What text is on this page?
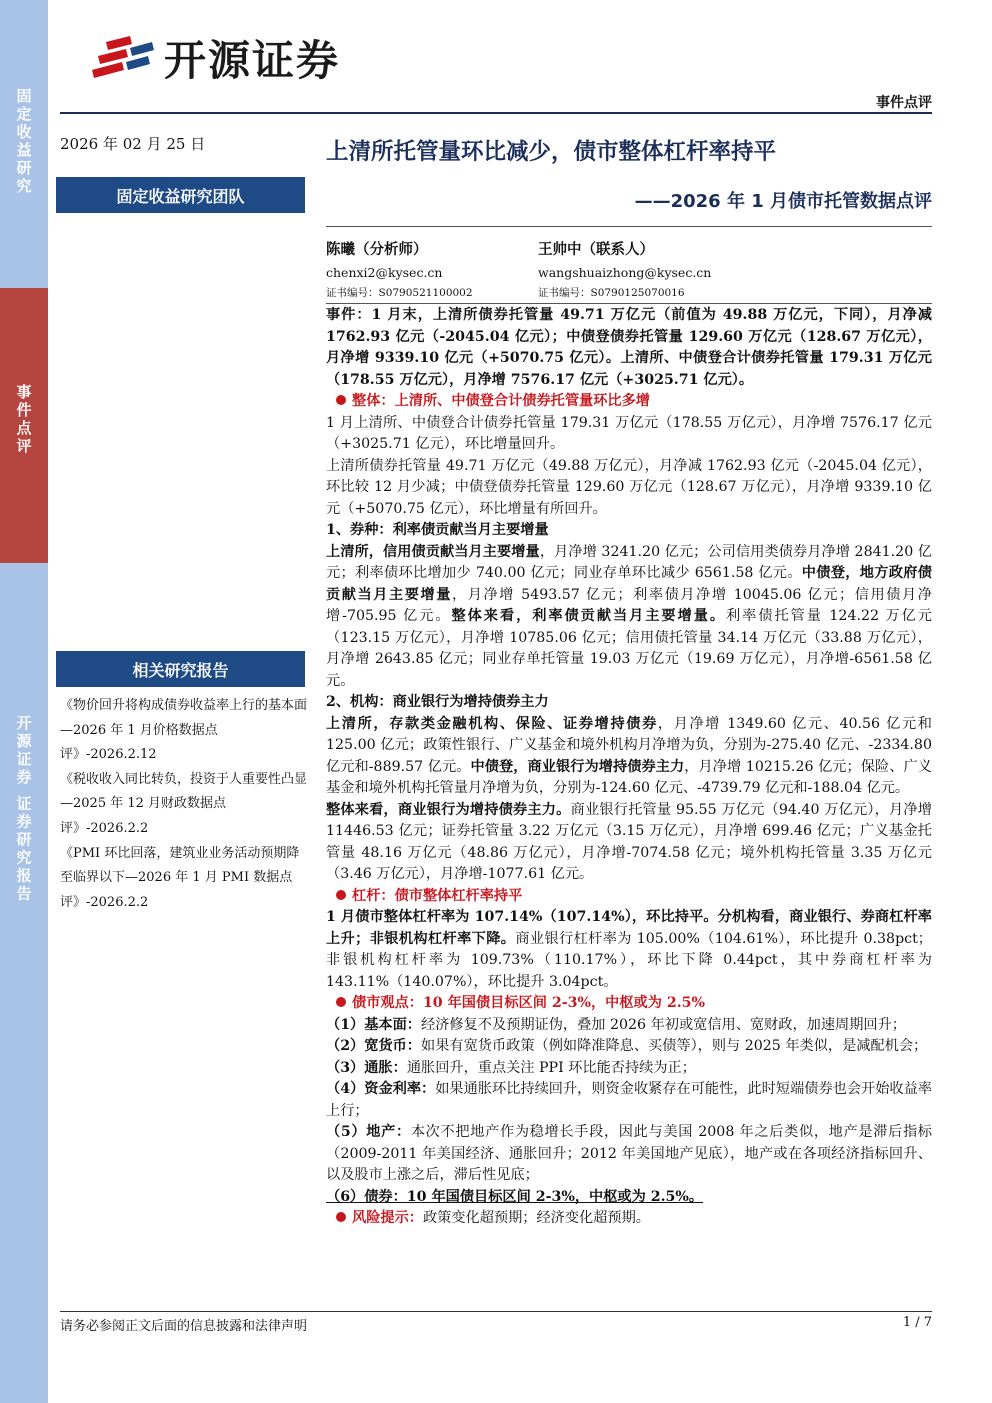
固定收益研究
事件点评
开源证券 证券研究报告
开源证券
事件点评
2026 年 02 月 25 日
固定收益研究团队
上清所托管量环比减少，债市整体杠杆率持平
——2026 年 1 月债市托管数据点评
陈曦（分析师）
chenxi2@kysec.cn
证书编号：S0790521100002
王帅中（联系人）
wangshuaizhong@kysec.cn
证书编号：S0790125070016
相关研究报告

《物价回升将构成债券收益率上行的基本面—2026 年 1 月价格数据点评》-2026.2.12

《税收收入同比转负，投资于人重要性凸显—2025 年 12 月财政数据点评》-2026.2.2

《PMI 环比回落，建筑业业务活动预期降至临界以下—2026 年 1 月 PMI 数据点评》-2026.2.2

事件：1 月末，上清所债券托管量 49.71 万亿元（前值为 49.88 万亿元，下同），月净减 1762.93 亿元（-2045.04 亿元）；中债登债券托管量 129.60 万亿元（128.67 万亿元），月净增 9339.10 亿元（+5070.75 亿元）。上清所、中债登合计债券托管量 179.31 万亿元（178.55 万亿元），月净增 7576.17 亿元（+3025.71 亿元）。

整体：上清所、中债登合计债券托管量环比多增

1 月上清所、中债登合计债券托管量 179.31 万亿元（178.55 万亿元），月净增 7576.17 亿元（+3025.71 亿元），环比增量回升。

上清所债券托管量 49.71 万亿元（49.88 万亿元），月净减 1762.93 亿元（-2045.04 亿元），环比较 12 月少减；中债登债券托管量 129.60 万亿元（128.67 万亿元），月净增 9339.10 亿元（+5070.75 亿元），环比增量有所回升。

1、券种：利率债贡献当月主要增量

上清所，信用债贡献当月主要增量，月净增 3241.20 亿元；公司信用类债券月净增 2841.20 亿元；利率债环比增加少 740.00 亿元；同业存单环比减少 6561.58 亿元。中债登，地方政府债贡献当月主要增量，月净增 5493.57 亿元；利率债月净增 10045.06 亿元；信用债月净增-705.95 亿元。整体来看，利率债贡献当月主要增量。利率债托管量 124.22 万亿元（123.15 万亿元），月净增 10785.06 亿元；信用债托管量 34.14 万亿元（33.88 万亿元），月净增 2643.85 亿元；同业存单托管量 19.03 万亿元（19.69 万亿元），月净增-6561.58 亿元。

2、机构：商业银行为增持债券主力

上清所，存款类金融机构、保险、证券增持债券，月净增 1349.60 亿元、40.56 亿元和 125.00 亿元；政策性银行、广义基金和境外机构月净增为负，分别为-275.40 亿元、-2334.80 亿元和-889.57 亿元。中债登，商业银行为增持债券主力，月净增 10215.26 亿元；保险、广义基金和境外机构托管量月净增为负，分别为-124.60 亿元、-4739.79 亿元和-188.04 亿元。

整体来看，商业银行为增持债券主力。商业银行托管量 95.55 万亿元（94.40 万亿元），月净增 11446.53 亿元；证券托管量 3.22 万亿元（3.15 万亿元），月净增 699.46 亿元；广义基金托管量 48.16 万亿元（48.86 万亿元），月净增-7074.58 亿元；境外机构托管量 3.35 万亿元（3.46 万亿元），月净增-1077.61 亿元。

杠杆：债市整体杠杆率持平

1 月债市整体杠杆率为 107.14%（107.14%），环比持平。分机构看，商业银行、券商杠杆率上升；非银机构杠杆率下降。商业银行杠杆率为 105.00%（104.61%），环比提升 0.38pct；非银机构杠杆率为 109.73%（110.17%），环比下降 0.44pct，其中券商杠杆率为 143.11%（140.07%），环比提升 3.04pct。

债市观点：10 年国债目标区间 2-3%，中枢或为 2.5%

（1）基本面：经济修复不及预期证伪，叠加 2026 年初或宽信用、宽财政，加速周期回升；

（2）宽货币：如果有宽货币政策（例如降准降息、买债等），则与 2025 年类似，是减配机会；

（3）通胀：通胀回升，重点关注 PPI 环比能否持续为正；

（4）资金利率：如果通胀环比持续回升，则资金收紧存在可能性，此时短端债券也会开始收益率上行；

（5）地产：本次不把地产作为稳增长手段，因此与美国 2008 年之后类似，地产是滞后指标（2009-2011 年美国经济、通胀回升；2012 年美国地产见底），地产或在各项经济指标回升、以及股市上涨之后，滞后性见底；

（6）债券：10 年国债目标区间 2-3%，中枢或为 2.5%。

风险提示：政策变化超预期；经济变化超预期。

请务必参阅正文后面的信息披露和法律声明	1 / 7
